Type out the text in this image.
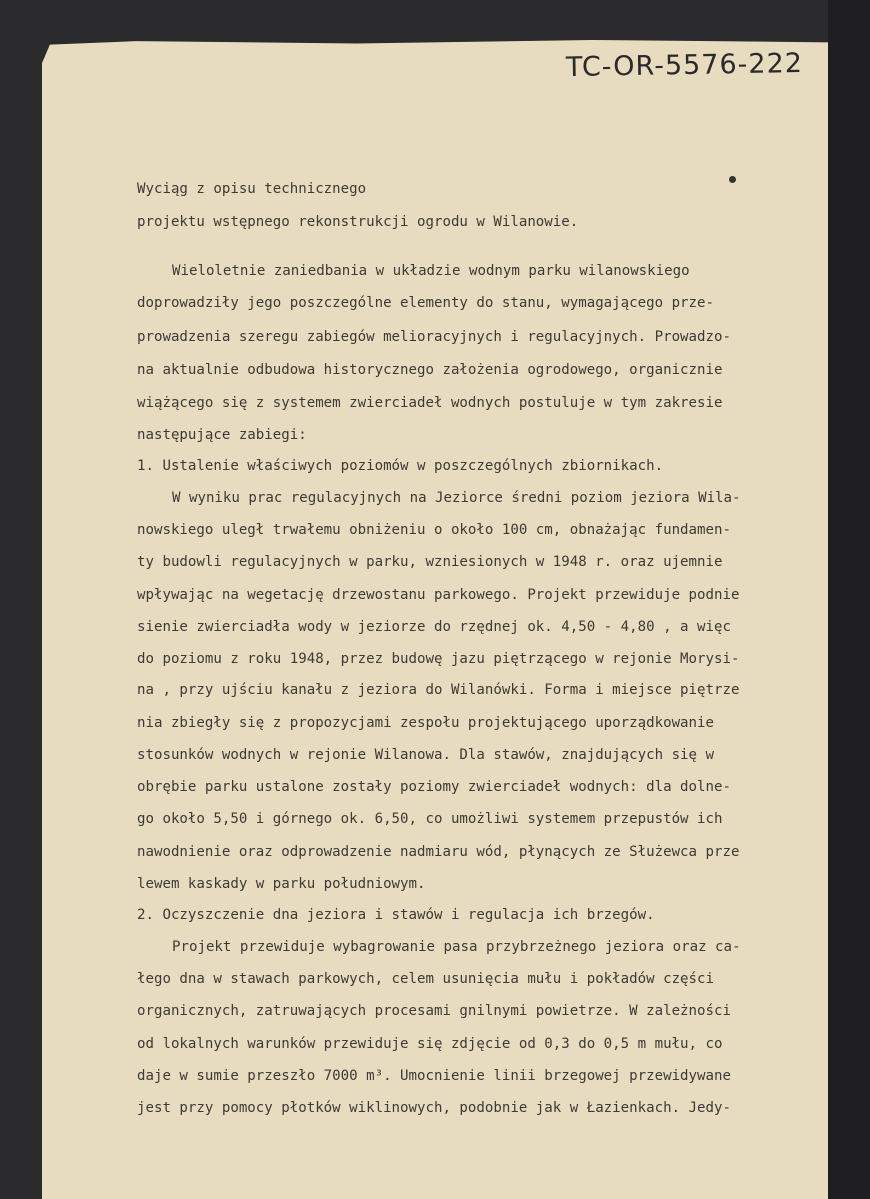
TC-OR-5576-222
Wyciąg z opisu technicznego
projektu wstępnego rekonstrukcji ogrodu w Wilanowie.
Wieloletnie zaniedbania w układzie wodnym parku wilanowskiego
doprowadziły jego poszczególne elementy do stanu, wymagającego prze-
prowadzenia szeregu zabiegów melioracyjnych i regulacyjnych. Prowadzo-
na aktualnie odbudowa historycznego założenia ogrodowego, organicznie
wiążącego się z systemem zwierciadeł wodnych postuluje w tym zakresie
następujące zabiegi:
1. Ustalenie właściwych poziomów w poszczególnych zbiornikach.
W wyniku prac regulacyjnych na Jeziorce średni poziom jeziora Wila-
nowskiego uległ trwałemu obniżeniu o około 100 cm, obnażając fundamen-
ty budowli regulacyjnych w parku, wzniesionych w 1948 r. oraz ujemnie
wpływając na wegetację drzewostanu parkowego. Projekt przewiduje podnie
sienie zwierciadła wody w jeziorze do rzędnej ok. 4,50 - 4,80 , a więc
do poziomu z roku 1948, przez budowę jazu piętrzącego w rejonie Morysi-
na , przy ujściu kanału z jeziora do Wilanówki. Forma i miejsce piętrze
nia zbiegły się z propozycjami zespołu projektującego uporządkowanie
stosunków wodnych w rejonie Wilanowa. Dla stawów, znajdujących się w
obrębie parku ustalone zostały poziomy zwierciadeł wodnych: dla dolne-
go około 5,50 i górnego ok. 6,50, co umożliwi systemem przepustów ich
nawodnienie oraz odprowadzenie nadmiaru wód, płynących ze Służewca prze
lewem kaskady w parku południowym.
2. Oczyszczenie dna jeziora i stawów i regulacja ich brzegów.
Projekt przewiduje wybagrowanie pasa przybrzeżnego jeziora oraz ca-
łego dna w stawach parkowych, celem usunięcia mułu i pokładów części
organicznych, zatruwających procesami gnilnymi powietrze. W zależności
od lokalnych warunków przewiduje się zdjęcie od 0,3 do 0,5 m mułu, co
daje w sumie przeszło 7000 m³. Umocnienie linii brzegowej przewidywane
jest przy pomocy płotków wiklinowych, podobnie jak w Łazienkach. Jedy-
